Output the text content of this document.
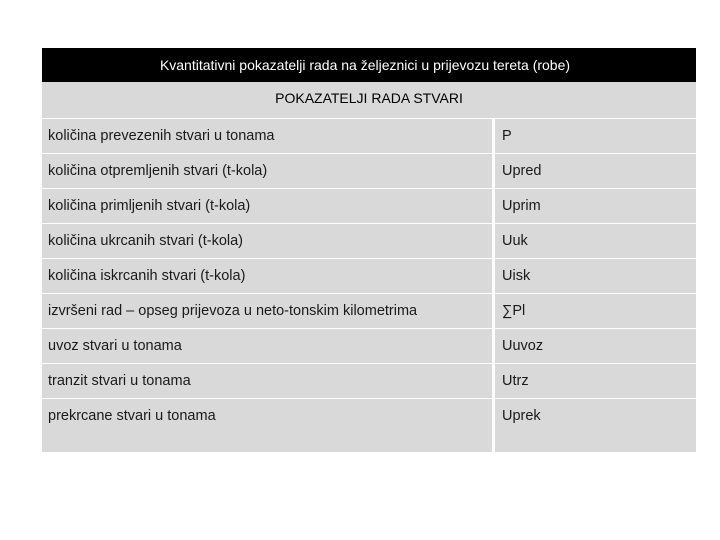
Kvantitativni pokazatelji rada na željeznici u prijevozu tereta (robe)
POKAZATELJI RADA STVARI
količina prevezenih stvari u tonama	P
količina otpremljenih stvari (t-kola)	Upred
količina primljenih stvari (t-kola)	Uprim
količina ukrcanih stvari (t-kola)	Uuk
količina iskrcanih stvari (t-kola)	Uisk
izvršeni rad – opseg prijevoza u neto-tonskim kilometrima	∑Pl
uvoz stvari u tonama	Uuvoz
tranzit stvari u tonama	Utrz
prekrcane stvari u tonama	Uprek
